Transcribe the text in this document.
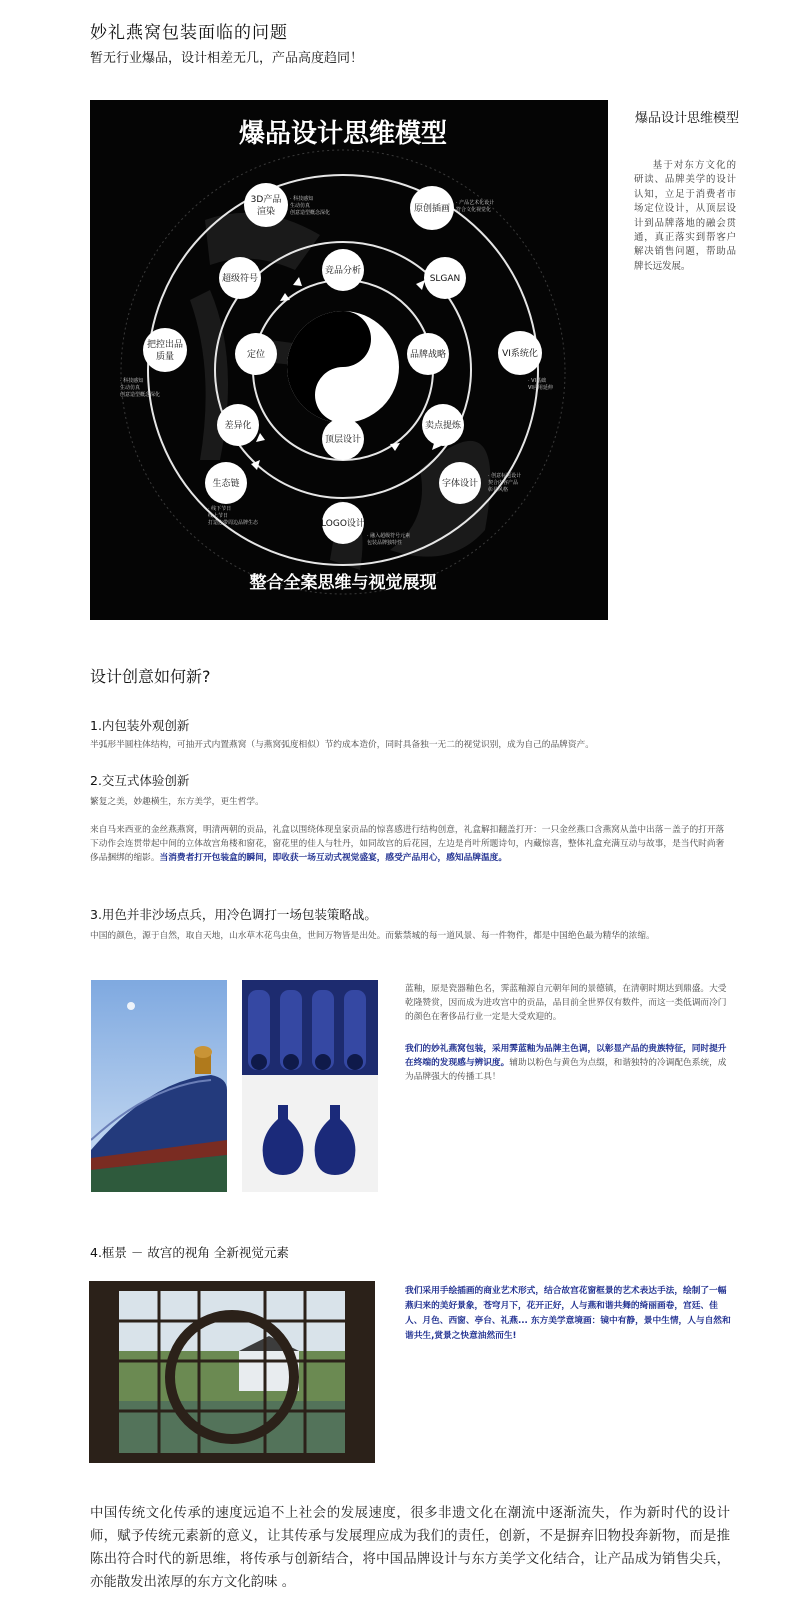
妙礼燕窝包装面临的问题
暂无行业爆品，设计相差无几，产品高度趋同！
爆品设计思维模型
品牌方
东柏
3D产品
渲染	原创插画
超级符号	SLGAN
把控出品
质量	VI系统化
竞品分析
定位	品牌战略
差异化	卖点提炼
顶层设计
生态链	字体设计
LOGO设计
· 科技感知
生动仿真
创意造型概念深化
· 产品艺术化设计
符合文化视觉化
· 科技感知
生动仿真
创意造型概念深化
· VI基础
VI应用延伸
· 线下节日
线上节日
打造连带周边品牌生态
· 创意标题设计
契合内容产品
彰显风格
· 融入超级符号元素
包装品牌独特性
整合全案思维与视觉展现
爆品设计思维模型
基于对东方文化的研读、品牌美学的设计认知，立足于消费者市场定位设计，从顶层设计到品牌落地的融会贯通，真正落实到帮客户解决销售问题，帮助品牌长远发展。
设计创意如何新?
1.内包装外观创新
半弧形半圆柱体结构，可抽开式内置燕窝（与燕窝弧度相似）节约成本造价，同时具备独一无二的视觉识别，成为自己的品牌资产。
2.交互式体验创新
繁复之美，妙趣横生，东方美学，更生哲学。
来自马来西亚的金丝燕燕窝，明清两朝的贡品，礼盒以围绕体现皇家贡品的惊喜感进行结构创意，礼盒解扣翻盖打开：一只金丝燕口含燕窝从盖中出落－盖子的打开落下动作会连贯带起中间的立体故宫角楼和窗花，窗花里的佳人与牡丹，如同故宫的后花园，左边是肖叶所题诗句，内藏惊喜，整体礼盒充满互动与故事，是当代时尚奢侈品捆绑的缩影。当消费者打开包装盒的瞬间，即收获一场互动式视觉盛宴，感受产品用心，感知品牌温度。
3.用色并非沙场点兵，用冷色调打一场包装策略战。
中国的颜色，源于自然，取自天地，山水草木花鸟虫鱼，世间万物皆是出处。而紫禁城的每一道风景、每一件物件，都是中国绝色最为精华的浓缩。
蓝釉，原是瓷器釉色名，霁蓝釉源自元朝年间的景德镇，在清朝时期达到鼎盛。大受乾隆赞赏，因而成为进攻宫中的贡品，品目前全世界仅有数件，而这一类低调而冷门的颜色在奢侈品行业一定是大受欢迎的。
我们的妙礼燕窝包装，采用霁蓝釉为品牌主色调，以彰显产品的贵族特征，同时提升在终端的发现感与辨识度。辅助以粉色与黄色为点缀，和谐独特的冷调配色系统，成为品牌强大的传播工具！
4.框景 － 故宫的视角 全新视觉元素
我们采用手绘插画的商业艺术形式，结合故宫花窗框景的艺术表达手法，绘制了一幅燕归来的美好景象，苍穹月下，花开正好，人与燕和谐共舞的绮丽画卷，宫廷、佳人、月色、西窗、亭台、礼燕... 东方美学意境画：镜中有静，景中生情，人与自然和谐共生,赏景之快意油然而生!
中国传统文化传承的速度远追不上社会的发展速度，很多非遗文化在潮流中逐渐流失，作为新时代的设计师，赋予传统元素新的意义，让其传承与发展理应成为我们的责任，创新，不是摒弃旧物投奔新物，而是推陈出符合时代的新思维，将传承与创新结合，将中国品牌设计与东方美学文化结合，让产品成为销售尖兵，亦能散发出浓厚的东方文化韵味 。
